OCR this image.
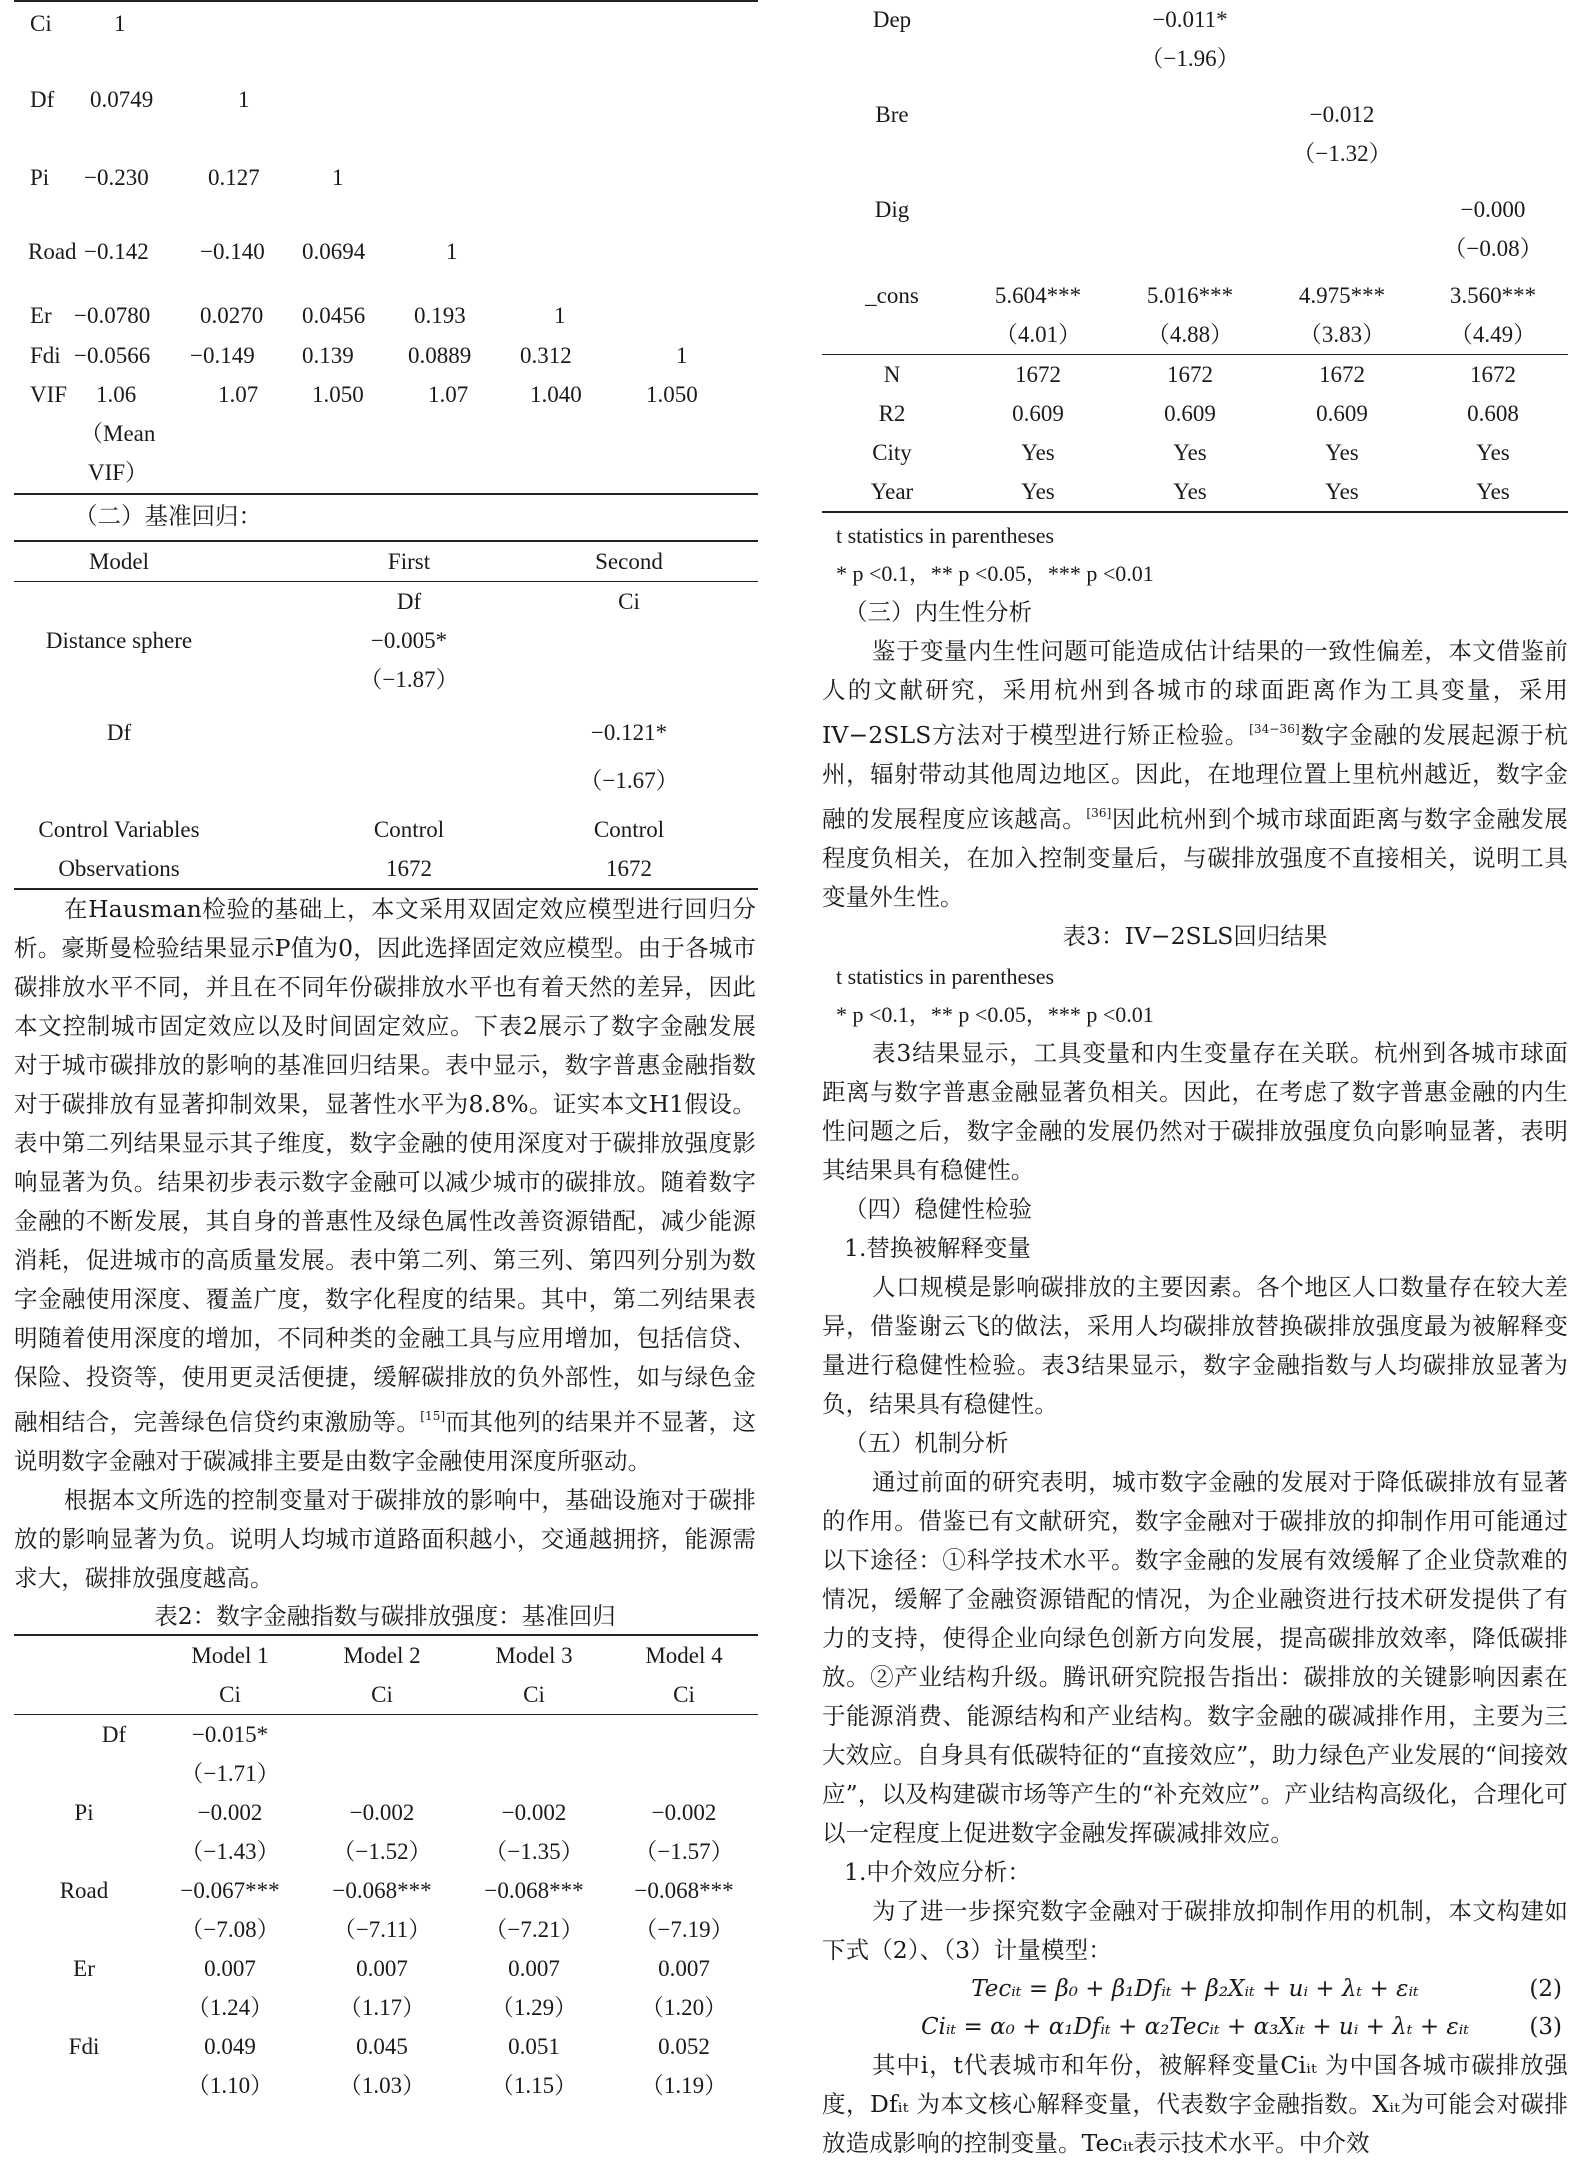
Ci	1					
Df	0.0749	1				
Pi	−0.230	0.127	1			
Road	−0.142	−0.140	0.0694	1		
Er	−0.0780	0.0270	0.0456	0.193	1	
Fdi	−0.0566	−0.149	0.139	0.0889	0.312	1
VIF	1.06	1.07	1.050	1.07	1.040	1.050
	（Mean					
	VIF）					

（二）基准回归：

Model	First	Second
	Df	Ci
Distance sphere	−0.005*	
	（−1.87）	
Df		−0.121*
		（−1.67）
Control Variables	Control	Control
Observations	1672	1672

在Hausman检验的基础上，本文采用双固定效应模型进行回归分析。豪斯曼检验结果显示P值为0，因此选择固定效应模型。由于各城市碳排放水平不同，并且在不同年份碳排放水平也有着天然的差异，因此本文控制城市固定效应以及时间固定效应。下表2展示了数字金融发展对于城市碳排放的影响的基准回归结果。表中显示，数字普惠金融指数对于碳排放有显著抑制效果，显著性水平为8.8%。证实本文H1假设。表中第二列结果显示其子维度，数字金融的使用深度对于碳排放强度影响显著为负。结果初步表示数字金融可以减少城市的碳排放。随着数字金融的不断发展，其自身的普惠性及绿色属性改善资源错配，减少能源消耗，促进城市的高质量发展。表中第二列、第三列、第四列分别为数字金融使用深度、覆盖广度，数字化程度的结果。其中，第二列结果表明随着使用深度的增加，不同种类的金融工具与应用增加，包括信贷、保险、投资等，使用更灵活便捷，缓解碳排放的负外部性，如与绿色金融相结合，完善绿色信贷约束激励等。[15]而其他列的结果并不显著，这说明数字金融对于碳减排主要是由数字金融使用深度所驱动。

根据本文所选的控制变量对于碳排放的影响中，基础设施对于碳排放的影响显著为负。说明人均城市道路面积越小，交通越拥挤，能源需求大，碳排放强度越高。

表2：数字金融指数与碳排放强度：基准回归

	Model 1	Model 2	Model 3	Model 4
	Ci	Ci	Ci	Ci
Df	−0.015*			
	（−1.71）			
Pi	−0.002	−0.002	−0.002	−0.002
	（−1.43）	（−1.52）	（−1.35）	（−1.57）
Road	−0.067***	−0.068***	−0.068***	−0.068***
	（−7.08）	（−7.11）	（−7.21）	（−7.19）
Er	0.007	0.007	0.007	0.007
	（1.24）	（1.17）	（1.29）	（1.20）
Fdi	0.049	0.045	0.051	0.052
	（1.10）	（1.03）	（1.15）	（1.19）
Dep		−0.011*		
		（−1.96）		
Bre			−0.012	
			（−1.32）	
Dig				−0.000
				（−0.08）
_cons	5.604***	5.016***	4.975***	3.560***
	（4.01）	（4.88）	（3.83）	（4.49）
N	1672	1672	1672	1672
R2	0.609	0.609	0.609	0.608
City	Yes	Yes	Yes	Yes
Year	Yes	Yes	Yes	Yes

t statistics in parentheses

* p <0.1，** p <0.05，*** p <0.01

（三）内生性分析

鉴于变量内生性问题可能造成估计结果的一致性偏差，本文借鉴前人的文献研究，采用杭州到各城市的球面距离作为工具变量，采用IV−2SLS方法对于模型进行矫正检验。[34−36]数字金融的发展起源于杭州，辐射带动其他周边地区。因此，在地理位置上里杭州越近，数字金融的发展程度应该越高。[36]因此杭州到个城市球面距离与数字金融发展程度负相关，在加入控制变量后，与碳排放强度不直接相关，说明工具变量外生性。

表3：IV−2SLS回归结果

t statistics in parentheses

* p <0.1，** p <0.05，*** p <0.01

表3结果显示，工具变量和内生变量存在关联。杭州到各城市球面距离与数字普惠金融显著负相关。因此，在考虑了数字普惠金融的内生性问题之后，数字金融的发展仍然对于碳排放强度负向影响显著，表明其结果具有稳健性。

（四）稳健性检验

1.替换被解释变量

人口规模是影响碳排放的主要因素。各个地区人口数量存在较大差异，借鉴谢云飞的做法，采用人均碳排放替换碳排放强度最为被解释变量进行稳健性检验。表3结果显示，数字金融指数与人均碳排放显著为负，结果具有稳健性。

（五）机制分析

通过前面的研究表明，城市数字金融的发展对于降低碳排放有显著的作用。借鉴已有文献研究，数字金融对于碳排放的抑制作用可能通过以下途径：①科学技术水平。数字金融的发展有效缓解了企业贷款难的情况，缓解了金融资源错配的情况，为企业融资进行技术研发提供了有力的支持，使得企业向绿色创新方向发展，提高碳排放效率，降低碳排放。②产业结构升级。腾讯研究院报告指出：碳排放的关键影响因素在于能源消费、能源结构和产业结构。数字金融的碳减排作用，主要为三大效应。自身具有低碳特征的“直接效应”，助力绿色产业发展的“间接效应”，以及构建碳市场等产生的“补充效应”。产业结构高级化，合理化可以一定程度上促进数字金融发挥碳减排效应。

1.中介效应分析：

为了进一步探究数字金融对于碳排放抑制作用的机制，本文构建如下式（2）、（3）计量模型：

Tecᵢₜ = β₀ + β₁Dfᵢₜ + β₂Xᵢₜ + uᵢ + λₜ + εᵢₜ	(2)
Ciᵢₜ = α₀ + α₁Dfᵢₜ + α₂Tecᵢₜ + α₃Xᵢₜ + uᵢ + λₜ + εᵢₜ	(3)

其中i，t代表城市和年份，被解释变量Ciᵢₜ 为中国各城市碳排放强度，Dfᵢₜ 为本文核心解释变量，代表数字金融指数。Xᵢₜ为可能会对碳排放造成影响的控制变量。Tecᵢₜ表示技术水平。中介效
